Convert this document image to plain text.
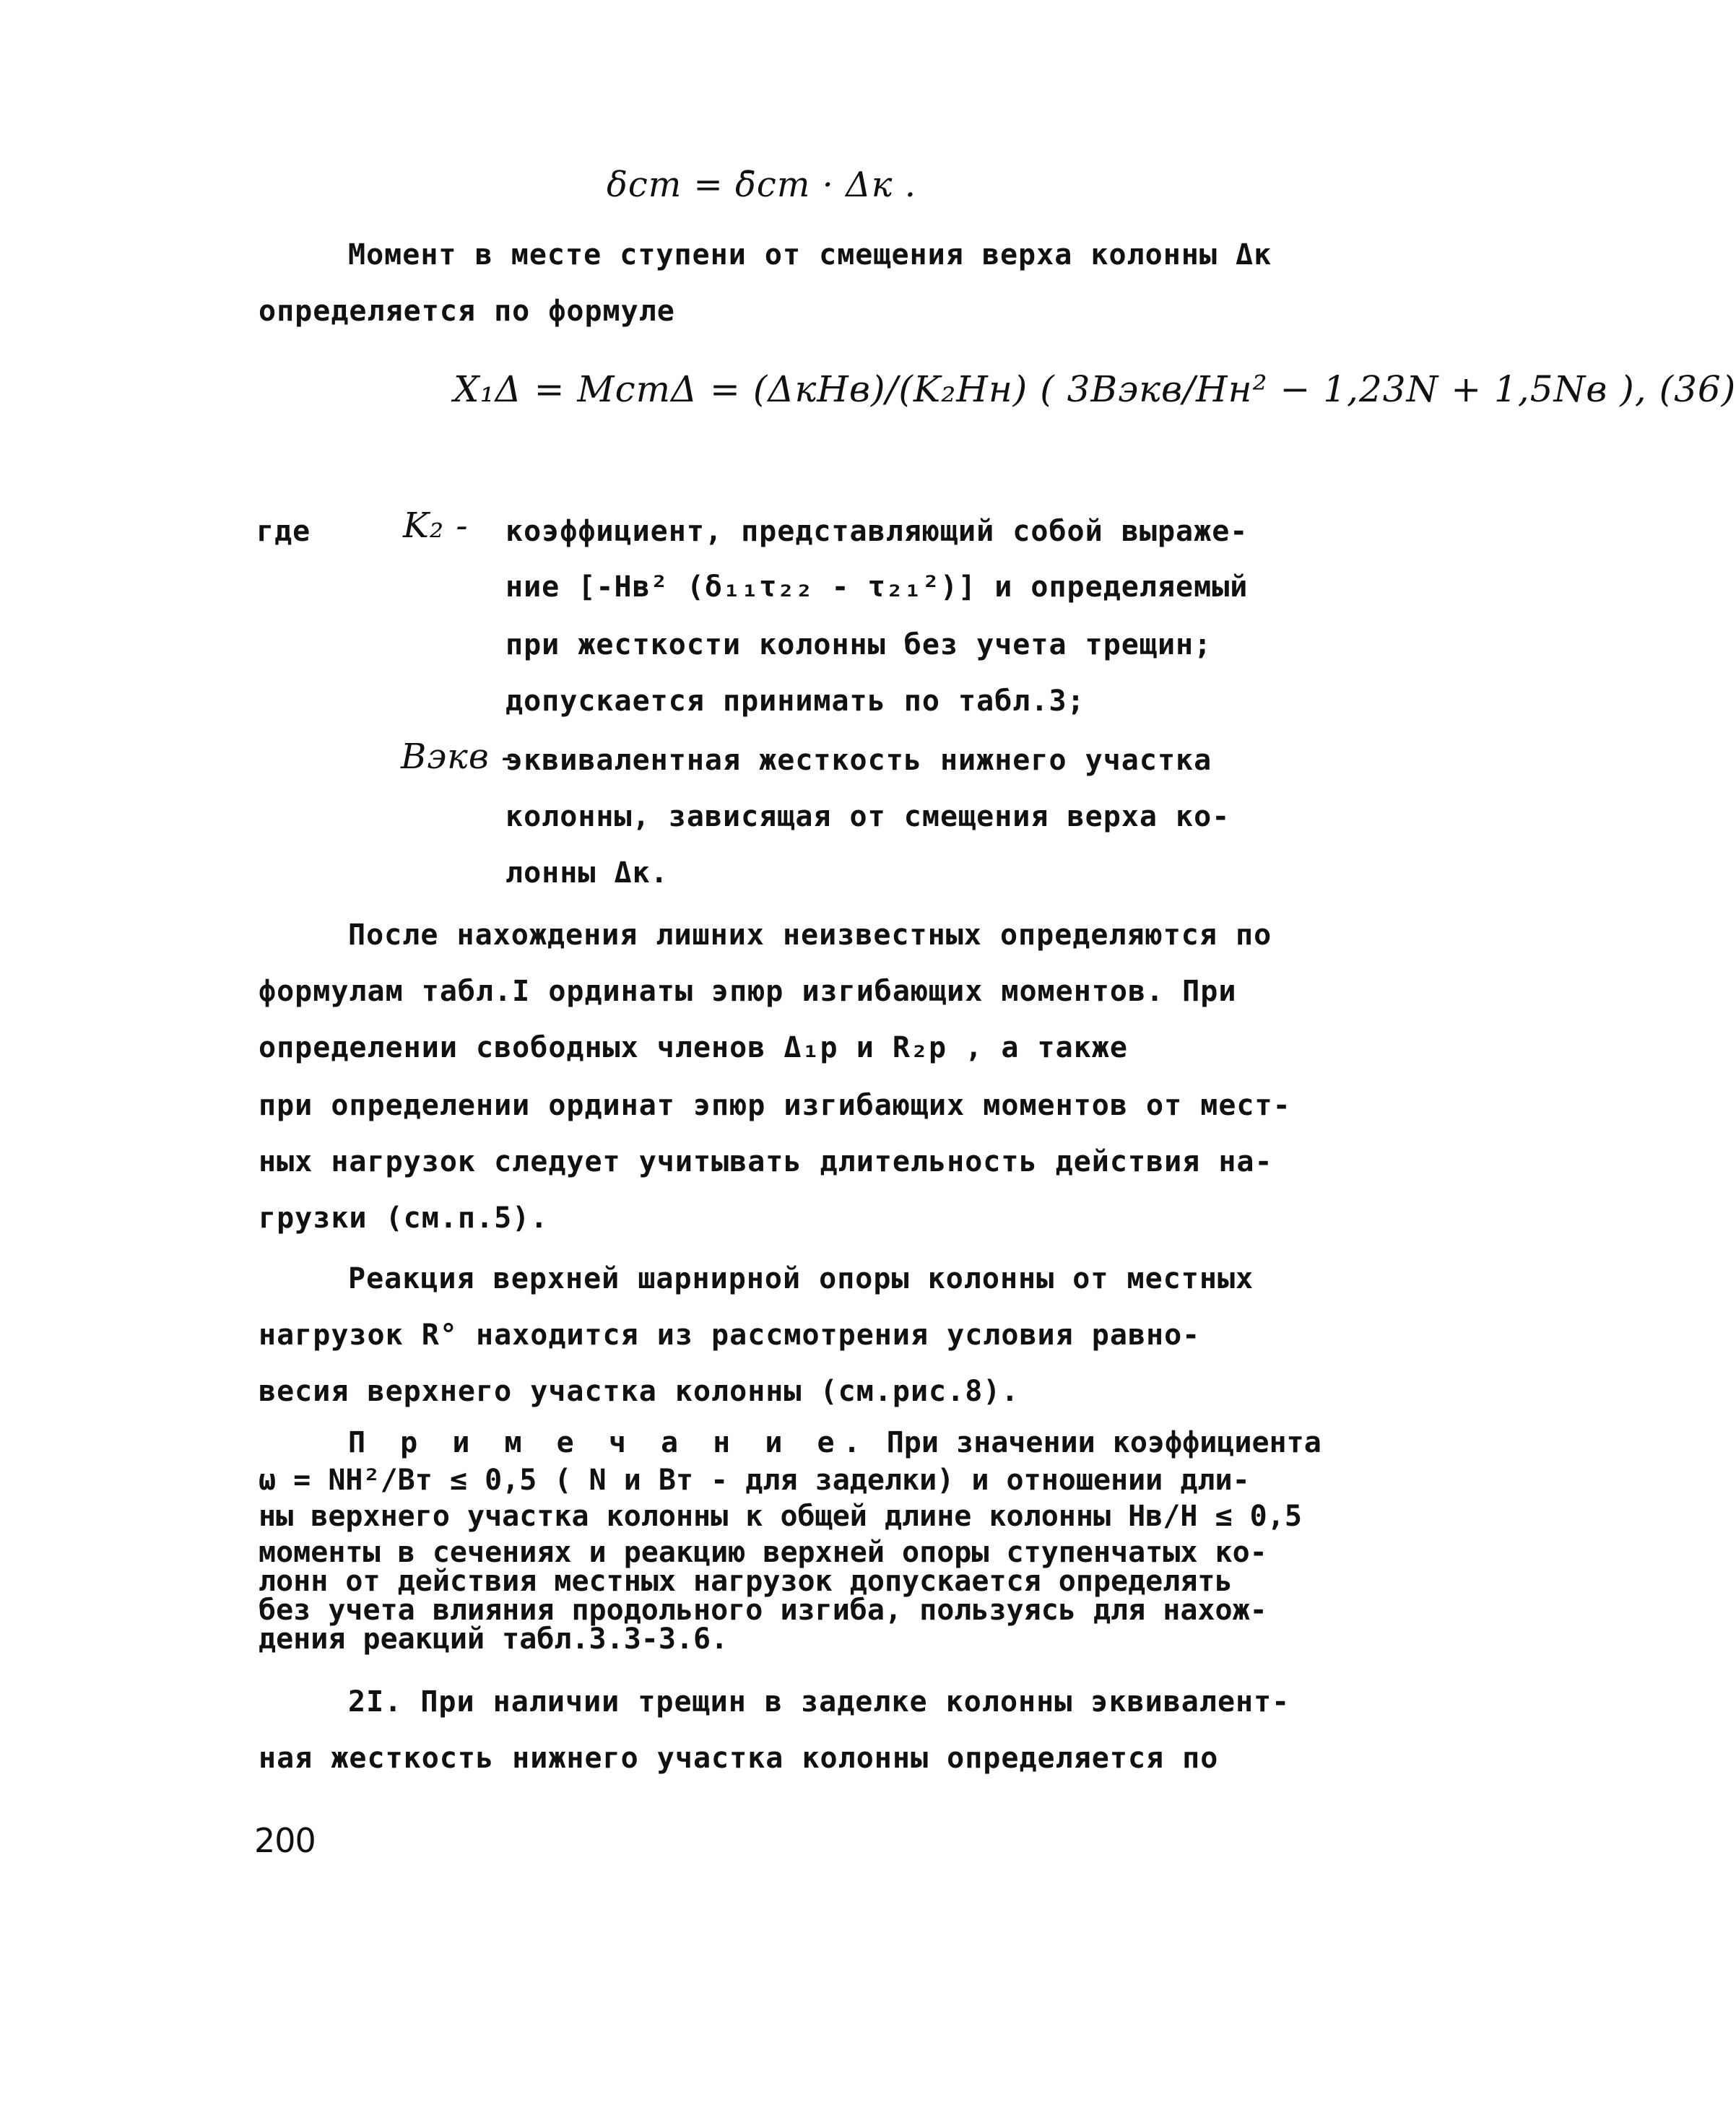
δст = δ̄ст · Δк .
Момент в месте ступени от смещения верха колонны Δк
определяется по формуле
X₁Δ = MстΔ = (ΔкHв)/(K₂Hн) ( 3Bэкв/Hн² − 1,23N + 1,5Nв ), (36)
где	K₂ - коэффициент, представляющий собой выраже-
ние [-Hв² (δ₁₁τ₂₂ - τ₂₁²)] и определяемый
при жесткости колонны без учета трещин;
допускается принимать по табл.3;
Bэкв -
эквивалентная жесткость нижнего участка
колонны, зависящая от смещения верха ко-
лонны Δк.
После нахождения лишних неизвестных определяются по
формулам табл.I ординаты эпюр изгибающих моментов. При
определении свободных членов Δ₁р и R₂р , а также
при определении ординат эпюр изгибающих моментов от мест-
ных нагрузок следует учитывать длительность действия на-
грузки (см.п.5).
Реакция верхней шарнирной опоры колонны от местных
нагрузок R° находится из рассмотрения условия равно-
весия верхнего участка колонны (см.рис.8).
П р и м е ч а н и е. При значении коэффициента
ω = NH²/Bт ≤ 0,5 ( N и Bт - для заделки) и отношении дли-
ны верхнего участка колонны к общей длине колонны Hв/H ≤ 0,5
моменты в сечениях и реакцию верхней опоры ступенчатых ко-
лонн от действия местных нагрузок допускается определять
без учета влияния продольного изгиба, пользуясь для нахож-
дения реакций табл.3.3-3.6.
2I. При наличии трещин в заделке колонны эквивалент-
ная жесткость нижнего участка колонны определяется по
200
